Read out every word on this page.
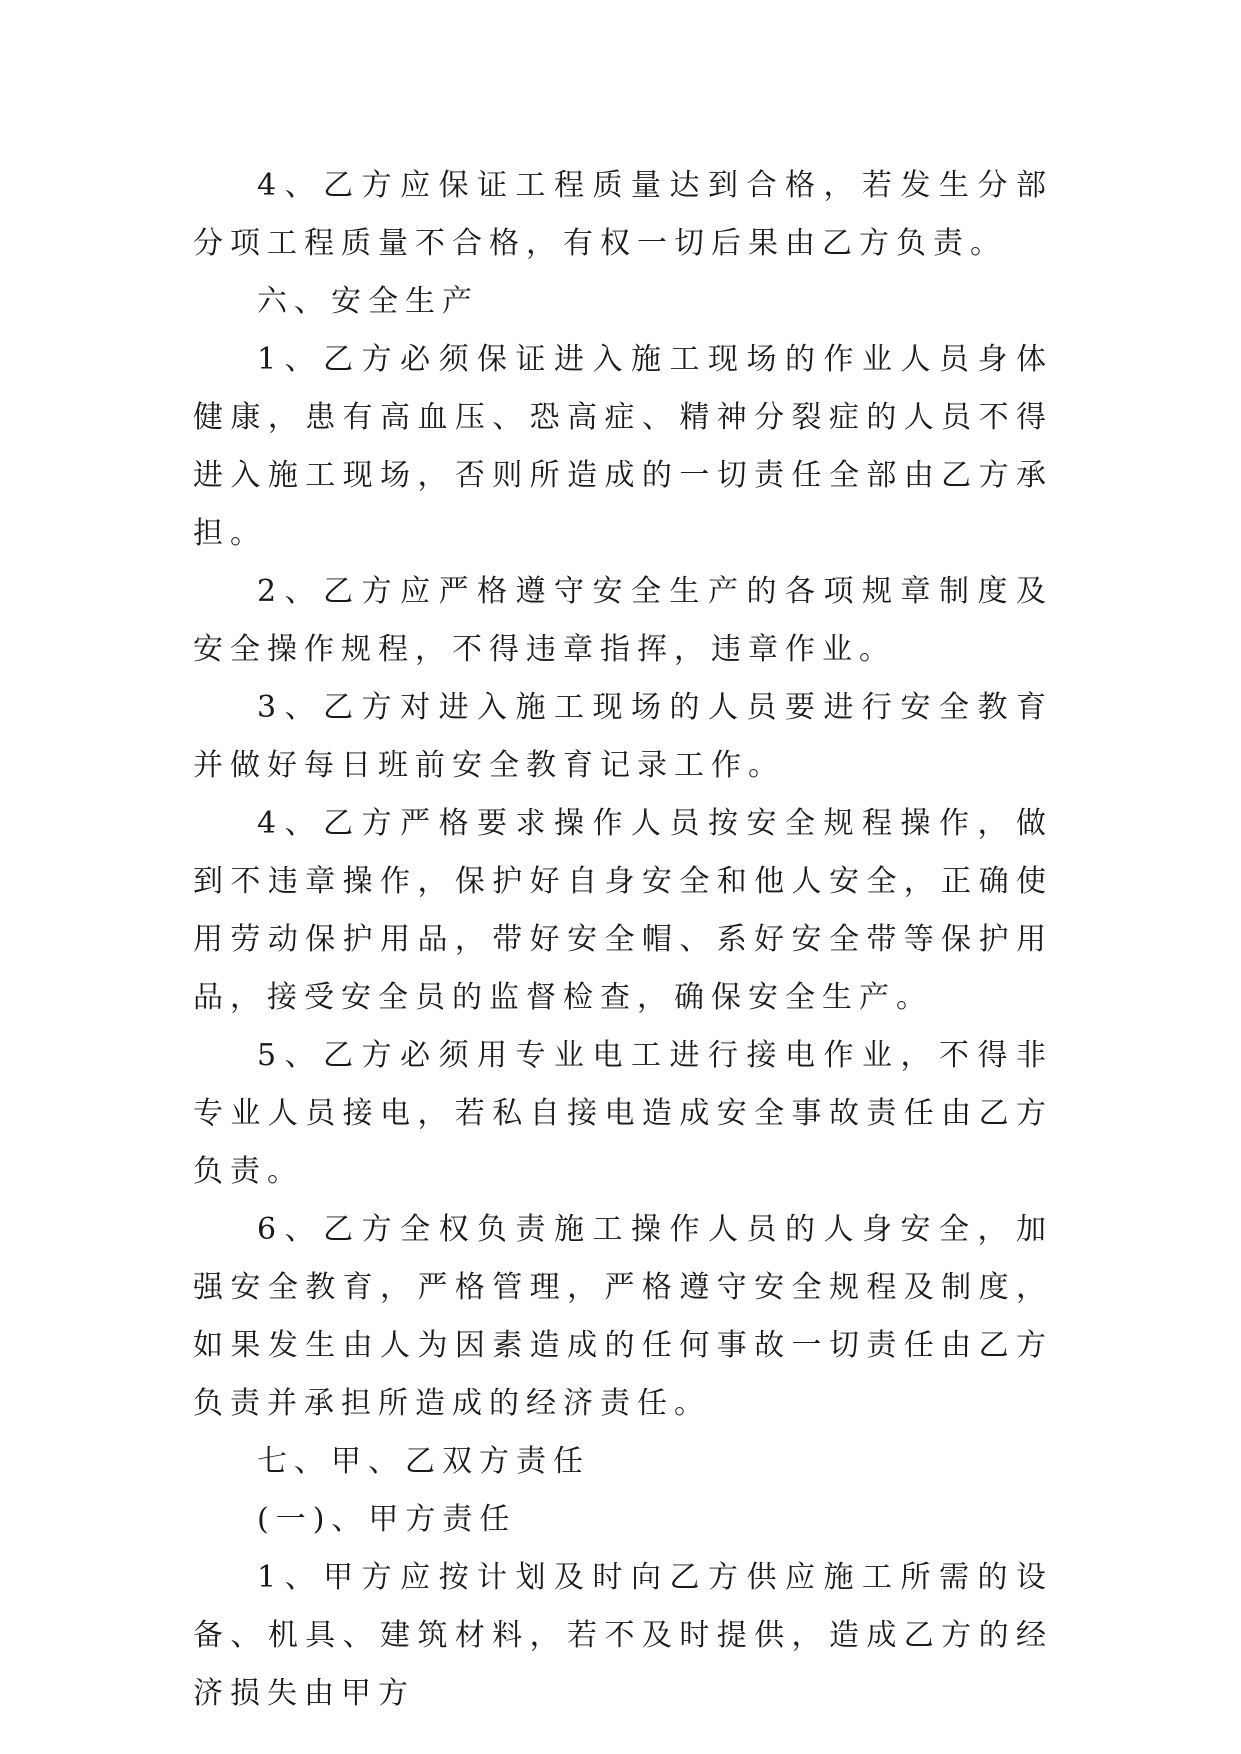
4、乙方应保证工程质量达到合格，若发生分部分项工程质量不合格，有权一切后果由乙方负责。

六、安全生产

1、乙方必须保证进入施工现场的作业人员身体健康，患有高血压、恐高症、精神分裂症的人员不得进入施工现场，否则所造成的一切责任全部由乙方承担。

2、乙方应严格遵守安全生产的各项规章制度及安全操作规程，不得违章指挥，违章作业。

3、乙方对进入施工现场的人员要进行安全教育并做好每日班前安全教育记录工作。

4、乙方严格要求操作人员按安全规程操作，做到不违章操作，保护好自身安全和他人安全，正确使用劳动保护用品，带好安全帽、系好安全带等保护用品，接受安全员的监督检查，确保安全生产。

5、乙方必须用专业电工进行接电作业，不得非专业人员接电，若私自接电造成安全事故责任由乙方负责。

6、乙方全权负责施工操作人员的人身安全，加强安全教育，严格管理，严格遵守安全规程及制度，如果发生由人为因素造成的任何事故一切责任由乙方负责并承担所造成的经济责任。

七、甲、乙双方责任

(一)、甲方责任

1、甲方应按计划及时向乙方供应施工所需的设备、机具、建筑材料，若不及时提供，造成乙方的经济损失由甲方
